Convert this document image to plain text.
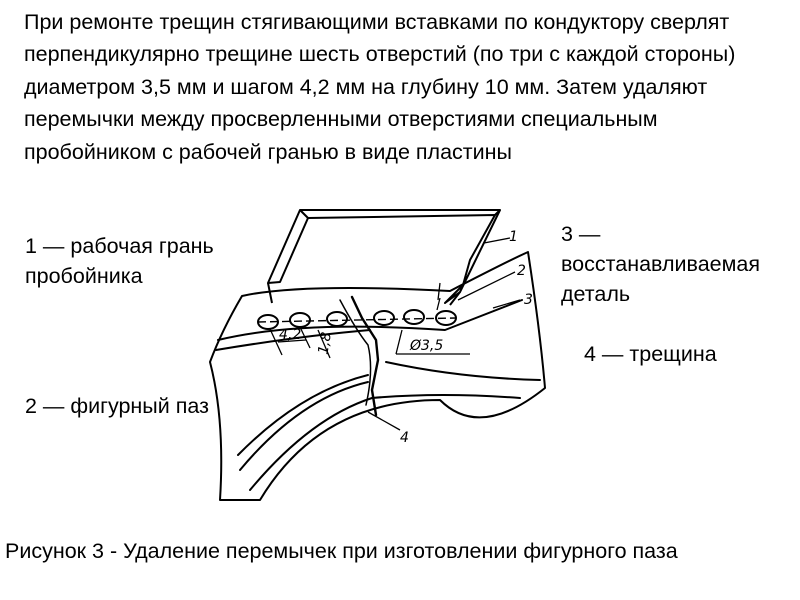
При ремонте трещин стягивающими вставками по кондуктору сверлят перпендикулярно трещине шесть отверстий (по три с каждой стороны) диаметром 3,5 мм и шагом 4,2 мм на глубину 10 мм. Затем удаляют перемычки между просверленными отверстиями специальным пробойником с рабочей гранью в виде пластины

4,2 1,8	Ø3,5
1
2
3
4

1 — рабочая грань пробойника

3 — восстанавливаемая деталь

4 — трещина

2 — фигурный паз

Рисунок 3 - Удаление перемычек при изготовлении фигурного паза
